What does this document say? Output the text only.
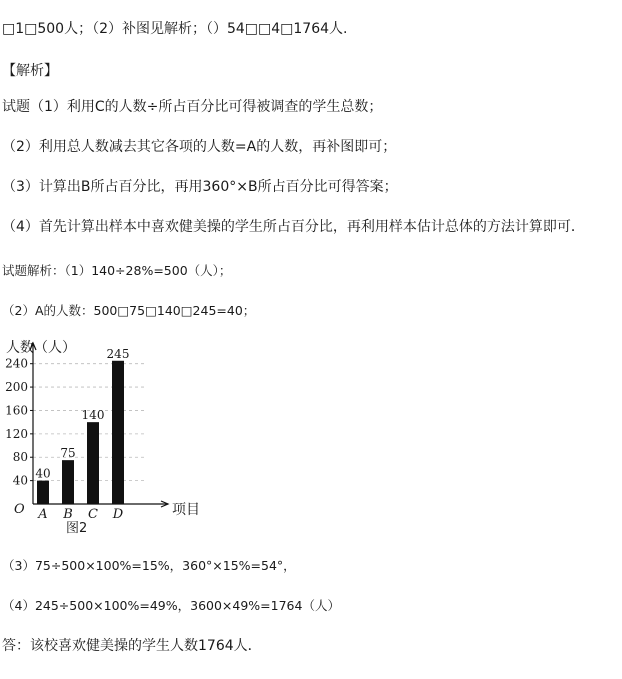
□1□500人；（2）补图见解析；（）54□□4□1764人.
【解析】
试题（1）利用C的人数÷所占百分比可得被调查的学生总数；
（2）利用总人数减去其它各项的人数=A的人数，再补图即可；
（3）计算出B所占百分比，再用360°×B所占百分比可得答案；
（4）首先计算出样本中喜欢健美操的学生所占百分比，再利用样本估计总体的方法计算即可．
试题解析：（1）140÷28%=500（人）；
（2）A的人数：500□75□140□245=40；
人数（人）
项目
O
图2
40
80
120
160
200
240
40
A
75
B
140
C
245
D
（3）75÷500×100%=15%，360°×15%=54°，
（4）245÷500×100%=49%，3600×49%=1764（人）
答：该校喜欢健美操的学生人数1764人．
